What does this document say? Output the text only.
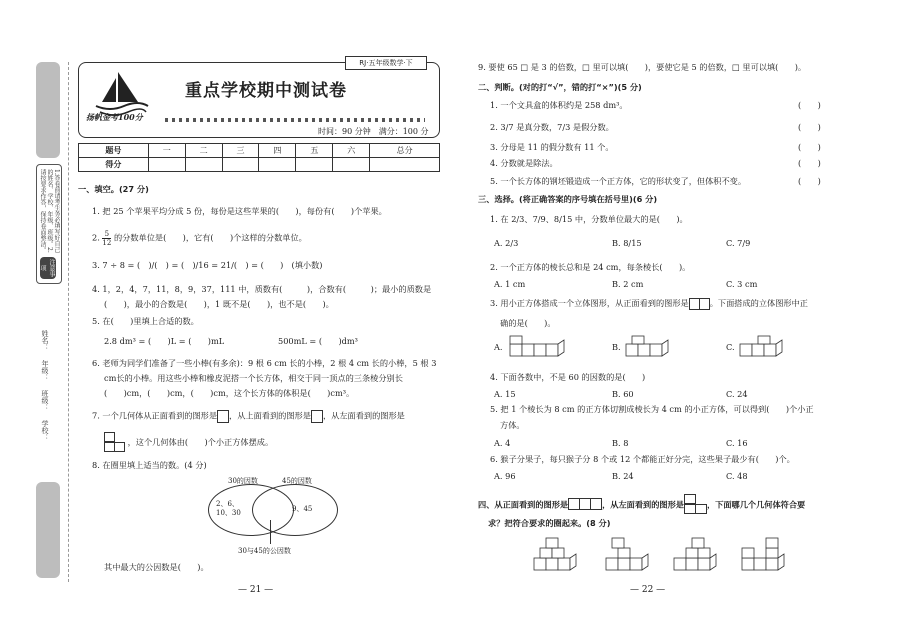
1.答卷前请考生务必填写好自己的姓名、学校、年级、班级。2.请按要求作答，保持卷面整洁。
注意事项
学校：
班级：
年级：
姓名：
RJ·五年级数学·下
扬帆金考100分
重点学校期中测试卷
时间：90 分钟　满分：100 分
题号	一	二	三	四	五	六	总分
得分							
一、填空。(27 分)
1. 把 25 个苹果平均分成 5 份，每份是这些苹果的(　　)，每份有(　　)个苹果。
2. $\frac{5}{12}$ 的分数单位是(　　)，它有(　　)个这样的分数单位。
3. 7 ÷ 8 = (　)/(　) = (　)/16 = 21/(　) = (　　)　(填小数)
4. 1，2，4，7，11，8，9，37，111 中，质数有(　　　)，合数有(　　　)；最小的质数是
(　　)，最小的合数是(　　)，1 既不是(　　)，也不是(　　)。
5. 在(　　)里填上合适的数。
2.8 dm³ = (　　)L = (　　)mL	500mL = (　　)dm³
6. 老师为同学们准备了一些小棒(有多余)：9 根 6 cm 长的小棒，2 根 4 cm 长的小棒，5 根 3
cm长的小棒。用这些小棒和橡皮泥搭一个长方体，相交于同一顶点的三条棱分别长
(　　)cm，(　　)cm，(　　)cm，这个长方体的体积是(　　)cm³。
7. 一个几何体从正面看到的图形是 ，从上面看到的图形是 ，从左面看到的图形是
，这个几何体由(　　)个小正方体摆成。
8. 在圈里填上适当的数。(4 分)
30的因数	45的因数
2、6、10、30	9、45
30与45的公因数
其中最大的公因数是(　　)。
— 21 —
9. 要使 65 □ 是 3 的倍数，□ 里可以填(　　)，要使它是 5 的倍数，□ 里可以填(　　)。
二、判断。(对的打“√”，错的打“×”)(5 分)
1. 一个文具盒的体积约是 258 dm³。
2. 3/7 是真分数，7/3 是假分数。
3. 分母是 11 的假分数有 11 个。
4. 分数就是除法。
5. 一个长方体的钢坯锻造成一个正方体，它的形状变了，但体积不变。
(　　)
(　　)
(　　)
(　　)
(　　)
三、选择。(将正确答案的序号填在括号里)(6 分)
1. 在 2/3、7/9、8/15 中，分数单位最大的是(　　)。
A. 2/3	B. 8/15	C. 7/9
2. 一个正方体的棱长总和是 24 cm，每条棱长(　　)。
A. 1 cm	B. 2 cm	C. 3 cm
3. 用小正方体搭成一个立体图形，从正面看到的图形是	。下面搭成的立体图形中正
确的是(　　)。
A.	B.	C.
4. 下面各数中，不是 60 的因数的是(　　)
A. 15	B. 60	C. 24
5. 把 1 个棱长为 8 cm 的正方体切割成棱长为 4 cm 的小正方体，可以得到(　　)个小正
方体。
A. 4	B. 8	C. 16
6. 猴子分果子，每只猴子分 8 个或 12 个都能正好分完，这些果子最少有(　　)个。
A. 96	B. 24	C. 48
四、从正面看到的图形是	，从左面看到的图形是	，下面哪几个几何体符合要
求？把符合要求的圈起来。(8 分)
— 22 —
